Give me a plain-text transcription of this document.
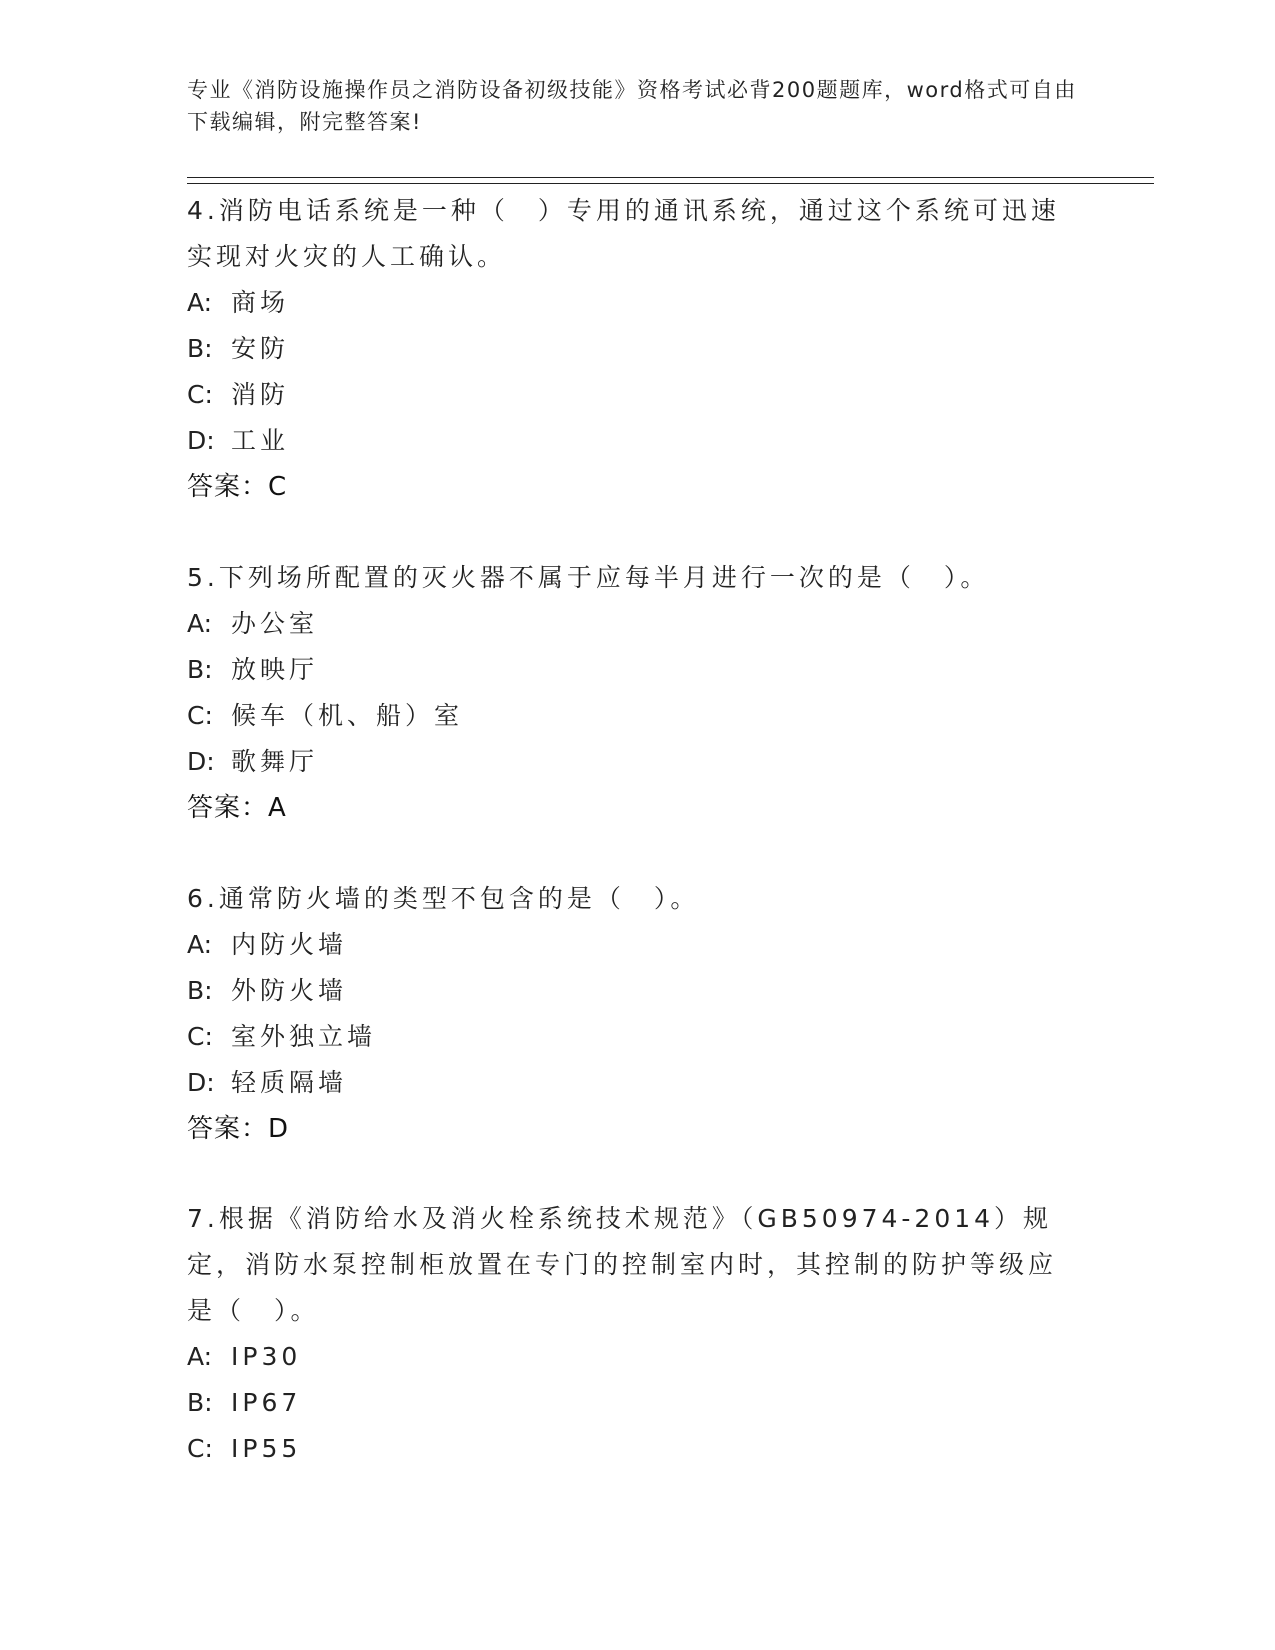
专业《消防设施操作员之消防设备初级技能》资格考试必背200题题库，word格式可自由下载编辑，附完整答案!

4.消防电话系统是一种（　）专用的通讯系统，通过这个系统可迅速实现对火灾的人工确认。

A: 商场
B: 安防
C: 消防
D: 工业
答案：C

5.下列场所配置的灭火器不属于应每半月进行一次的是（　）。

A: 办公室
B: 放映厅
C: 候车（机、船）室
D: 歌舞厅
答案：A

6.通常防火墙的类型不包含的是（　）。

A: 内防火墙
B: 外防火墙
C: 室外独立墙
D: 轻质隔墙
答案：D

7.根据《消防给水及消火栓系统技术规范》（GB50974-2014）规定，消防水泵控制柜放置在专门的控制室内时，其控制的防护等级应是（　）。

A: IP30
B: IP67
C: IP55
